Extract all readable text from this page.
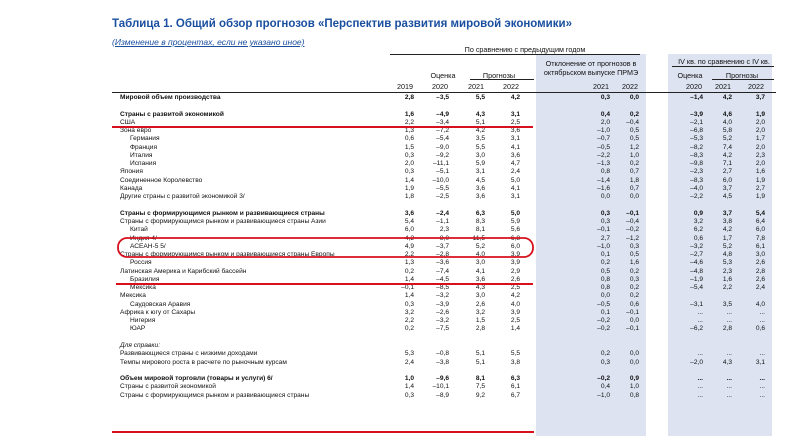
Таблица 1. Общий обзор прогнозов «Перспектив развития мировой экономики»
(Изменение в процентах, если не указано иное)
По сравнению с предыдущим годом
IV кв. по сравнению с IV кв.
Отклонение от прогнозов в октябрьском выпуске ПРМЭ
Оценка	Прогнозы	Оценка	Прогнозы
2019	2020	2021	2022	2021	2022	2020	2021	2022
Мировой объем производства	2,8	–3,5	5,5	4,2	0,3	0,0	–1,4	4,2	3,7
Страны с развитой экономикой	1,6	–4,9	4,3	3,1	0,4	0,2	–3,9	4,6	1,9
США	2,2	–3,4	5,1	2,5	2,0	–0,4	–2,1	4,0	2,0
Зона евро	1,3	–7,2	4,2	3,6	–1,0	0,5	–6,8	5,8	2,0
Германия	0,6	–5,4	3,5	3,1	–0,7	0,5	–5,3	5,2	1,7
Франция	1,5	–9,0	5,5	4,1	–0,5	1,2	–8,2	7,4	2,0
Италия	0,3	–9,2	3,0	3,6	–2,2	1,0	–8,3	4,2	2,3
Испания	2,0	–11,1	5,9	4,7	–1,3	0,2	–9,8	7,1	2,0
Япония	0,3	–5,1	3,1	2,4	0,8	0,7	–2,3	2,7	1,6
Соединенное Королевство	1,4	–10,0	4,5	5,0	–1,4	1,8	–8,3	6,0	1,9
Канада	1,9	–5,5	3,6	4,1	–1,6	0,7	–4,0	3,7	2,7
Другие страны с развитой экономикой 3/	1,8	–2,5	3,6	3,1	0,0	0,0	–2,2	4,5	1,9
Страны с формирующимся рынком и развивающиеся страны	3,6	–2,4	6,3	5,0	0,3	–0,1	0,9	3,7	5,4
Страны с формирующимся рынком и развивающиеся страны Азии	5,4	–1,1	8,3	5,9	0,3	–0,4	3,2	3,8	6,4
Китай	6,0	2,3	8,1	5,6	–0,1	–0,2	6,2	4,2	6,0
Индия 4/	4,2	–8,0	11,5	6,8	2,7	–1,2	0,6	1,7	7,8
АСЕАН-5 5/	4,9	–3,7	5,2	6,0	–1,0	0,3	–3,2	5,2	6,1
Страны с формирующимся рынком и развивающиеся страны Европы	2,2	–2,8	4,0	3,9	0,1	0,5	–2,7	4,8	3,0
Россия	1,3	–3,6	3,0	3,9	0,2	1,6	–4,6	5,3	2,6
Латинская Америка и Карибский бассейн	0,2	–7,4	4,1	2,9	0,5	0,2	–4,8	2,3	2,8
Бразилия	1,4	–4,5	3,6	2,6	0,8	0,3	–1,9	1,6	2,6
Мексика	–0,1	–8,5	4,3	2,5	0,8	0,2	–5,4	2,2	2,4
Мексика	1,4	–3,2	3,0	4,2	0,0	0,2
Саудовская Аравия	0,3	–3,9	2,6	4,0	–0,5	0,6	–3,1	3,5	4,0
Африка к югу от Сахары	3,2	–2,6	3,2	3,9	0,1	–0,1	...	...	...
Нигерия	2,2	–3,2	1,5	2,5	–0,2	0,0	...	...	...
ЮАР	0,2	–7,5	2,8	1,4	–0,2	–0,1	–6,2	2,8	0,6
Для справки:
Развивающиеся страны с низкими доходами	5,3	–0,8	5,1	5,5	0,2	0,0	...	...	...
Темпы мирового роста в расчете по рыночным курсам	2,4	–3,8	5,1	3,8	0,3	0,0	–2,0	4,3	3,1
Объем мировой торговли (товары и услуги) 6/	1,0	–9,6	8,1	6,3	–0,2	0,9	...	...	...
Страны с развитой экономикой	1,4	–10,1	7,5	6,1	0,4	1,0	...	...	...
Страны с формирующимся рынком и развивающиеся страны	0,3	–8,9	9,2	6,7	–1,0	0,8	...	...	...
